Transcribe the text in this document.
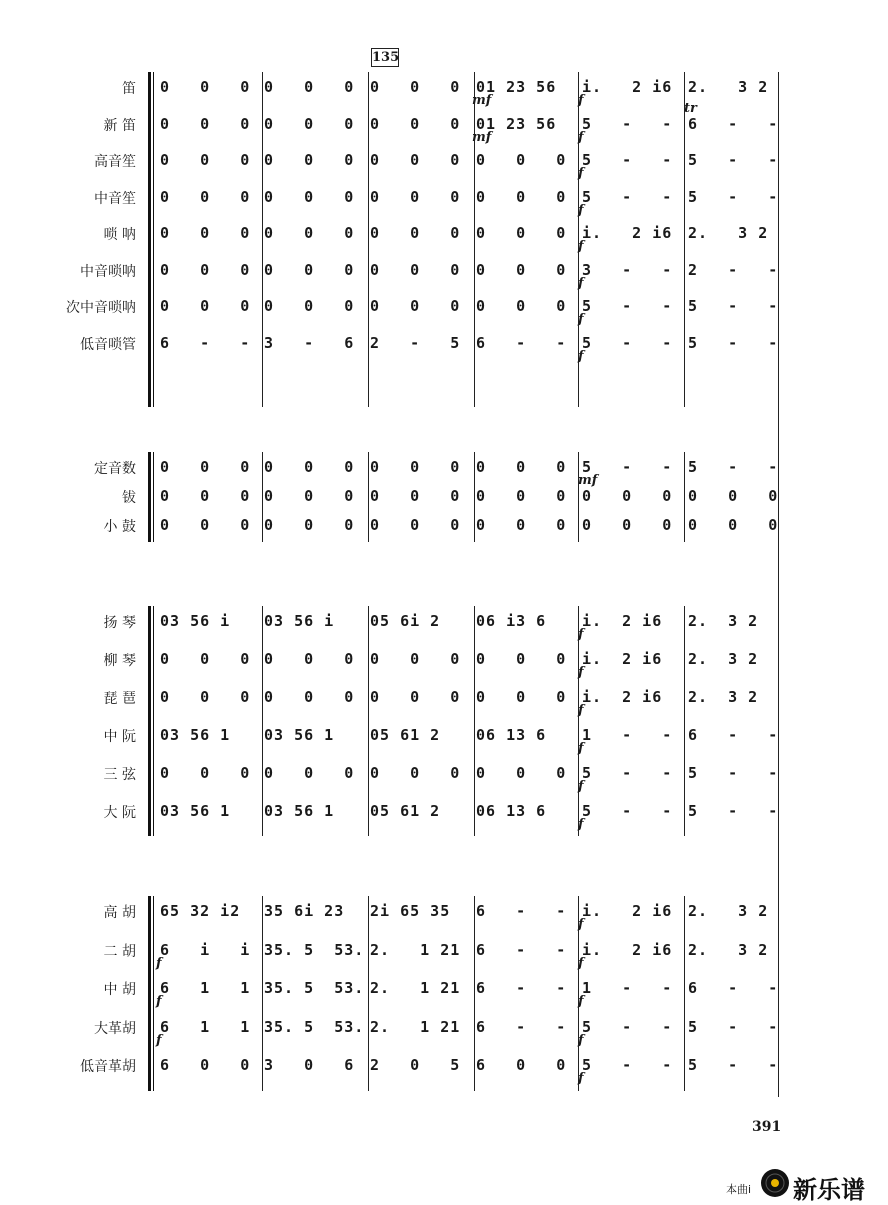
135
笛 0   0   0 0   0   0 0   0   0 01 23 56
mf
i.   2 i6
f
2.   3 2
新 笛 0   0   0 0   0   0 0   0   0 01 23 56
mf
5   -   -
f
6   -   -
tr
高音笙 0   0   0 0   0   0 0   0   0 0   0   0 5   -   -
f
5   -   -
中音笙 0   0   0 0   0   0 0   0   0 0   0   0 5   -   -
f
5   -   -
唢 呐 0   0   0 0   0   0 0   0   0 0   0   0 i.   2 i6
f
2.   3 2
中音唢呐 0   0   0 0   0   0 0   0   0 0   0   0 3   -   -
f
2   -   -
次中音唢呐 0   0   0 0   0   0 0   0   0 0   0   0 5   -   -
f
5   -   -
低音唢管 6   -   - 3   -   6 2   -   5 6   -   - 5   -   -
f
5   -   -
定音数 0   0   0 0   0   0 0   0   0 0   0   0 5   -   -
mf
5   -   -
钹 0   0   0 0   0   0 0   0   0 0   0   0 0   0   0 0   0   0
小 鼓 0   0   0 0   0   0 0   0   0 0   0   0 0   0   0 0   0   0
扬 琴 03 56 i 03 56 i 05 6i 2 06 i3 6 i.  2 i6
f
2.  3 2
柳 琴 0   0   0 0   0   0 0   0   0 0   0   0 i.  2 i6
f
2.  3 2
琵 琶 0   0   0 0   0   0 0   0   0 0   0   0 i.  2 i6
f
2.  3 2
中 阮 03 56 1 03 56 1 05 61 2 06 13 6 1   -   -
f
6   -   -
三 弦 0   0   0 0   0   0 0   0   0 0   0   0 5   -   -
f
5   -   -
大 阮 03 56 1 03 56 1 05 61 2 06 13 6 5   -   -
f
5   -   -
高 胡 65 32 i2 35 6i 23 2i 65 35 6   -   - i.   2 i6
f
2.   3 2
二 胡 6   i   i
f
35. 5  53. 2.   1 21 6   -   - i.   2 i6
f
2.   3 2
中 胡 6   1   1
f
35. 5  53. 2.   1 21 6   -   - 1   -   -
f
6   -   -
大革胡 6   1   1
f
35. 5  53. 2.   1 21 6   -   - 5   -   -
f
5   -   -
低音革胡 6   0   0 3   0   6 2   0   5 6   0   0 5   -   -
f
5   -   -
391
本曲i 新乐谱
